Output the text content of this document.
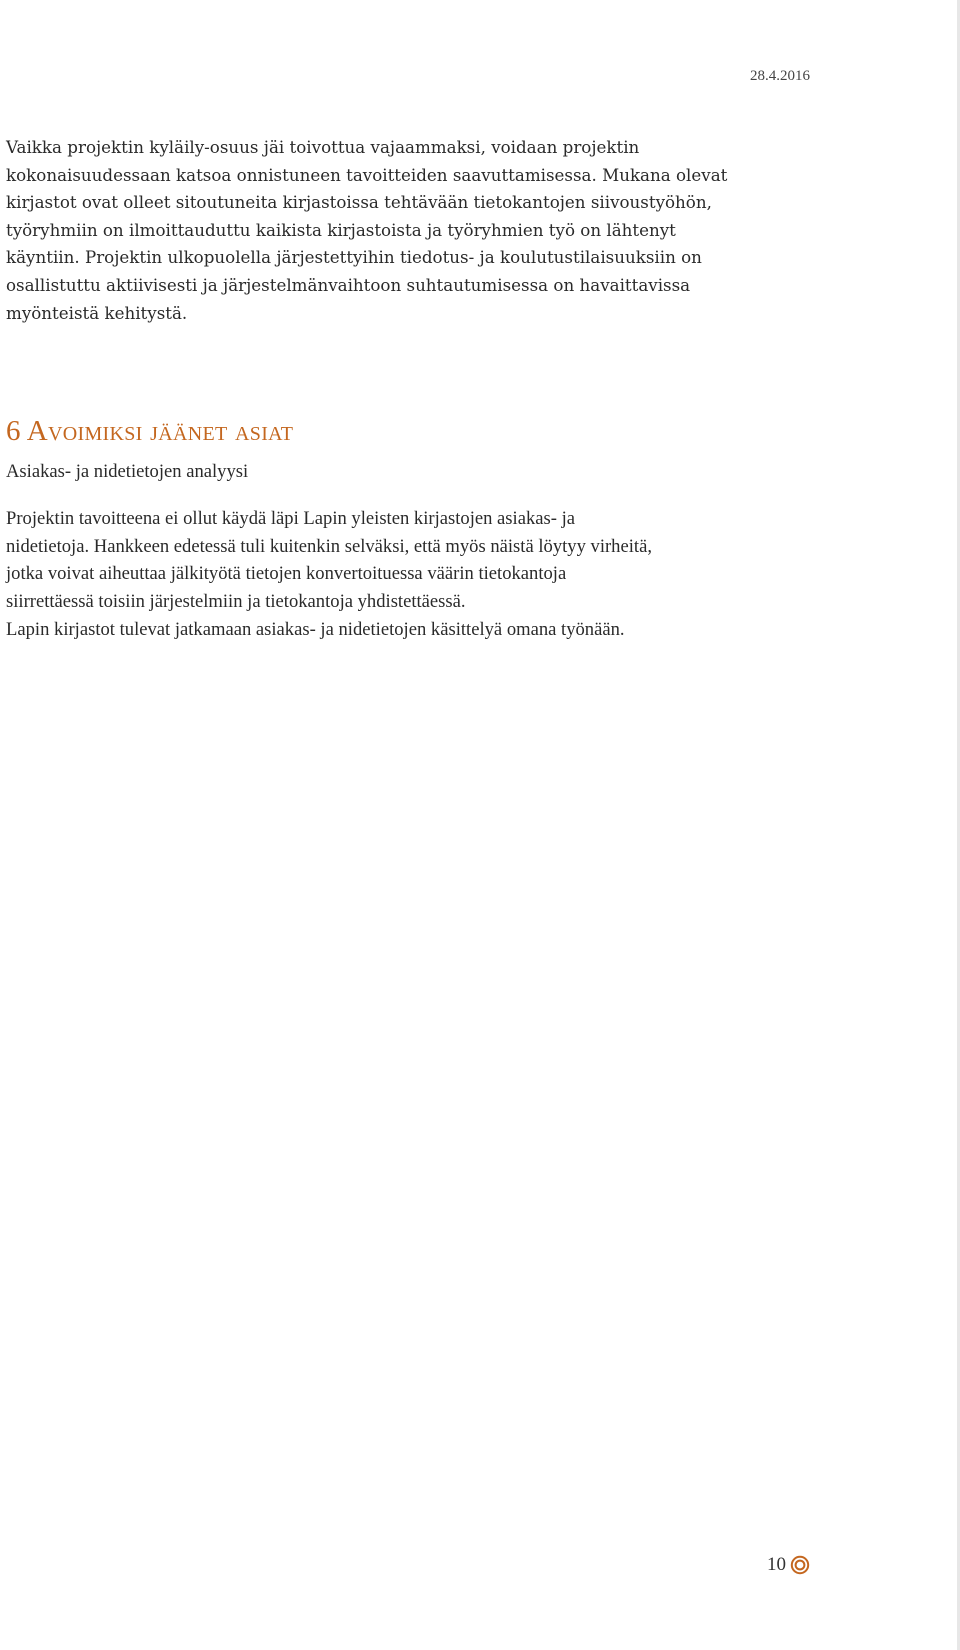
28.4.2016

Vaikka projektin kyläily-osuus jäi toivottua vajaammaksi, voidaan projektin
kokonaisuudessaan katsoa onnistuneen tavoitteiden saavuttamisessa. Mukana olevat
kirjastot ovat olleet sitoutuneita kirjastoissa tehtävään tietokantojen siivoustyöhön,
työryhmiin on ilmoittauduttu kaikista kirjastoista ja työryhmien työ on lähtenyt
käyntiin. Projektin ulkopuolella järjestettyihin tiedotus- ja koulutustilaisuuksiin on
osallistuttu aktiivisesti ja järjestelmänvaihtoon suhtautumisessa on havaittavissa
myönteistä kehitystä.

6 Avoimiksi jäänet asiat

Asiakas- ja nidetietojen analyysi

Projektin tavoitteena ei ollut käydä läpi Lapin yleisten kirjastojen asiakas- ja
nidetietoja. Hankkeen edetessä tuli kuitenkin selväksi, että myös näistä löytyy virheitä,
jotka voivat aiheuttaa jälkityötä tietojen konvertoituessa väärin tietokantoja
siirrettäessä toisiin järjestelmiin ja tietokantoja yhdistettäessä.
Lapin kirjastot tulevat jatkamaan asiakas- ja nidetietojen käsittelyä omana työnään.

10
